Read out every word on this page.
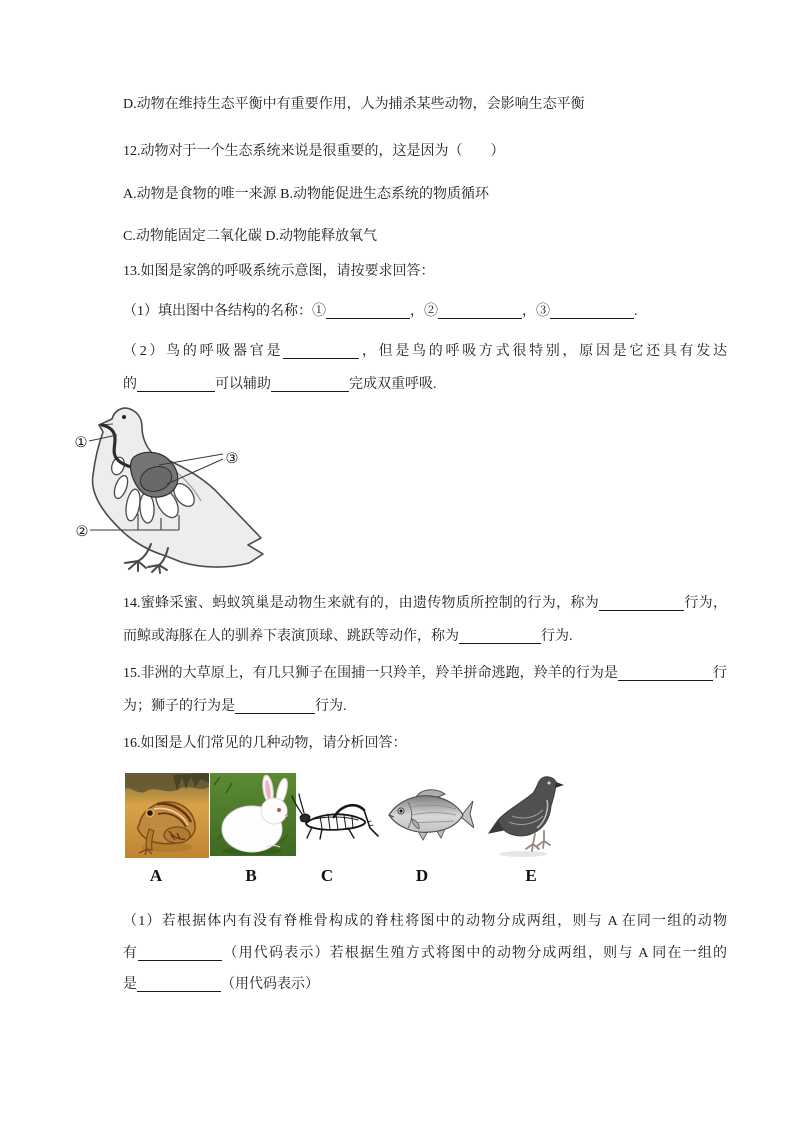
D.动物在维持生态平衡中有重要作用，人为捕杀某些动物，会影响生态平衡
12.动物对于一个生态系统来说是很重要的，这是因为（　　）
A.动物是食物的唯一来源 B.动物能促进生态系统的物质循环
C.动物能固定二氧化碳 D.动物能释放氧气
13.如图是家鸽的呼吸系统示意图，请按要求回答：
（1）填出图中各结构的名称：①	，②	，③	.
（2）鸟的呼吸器官是	，但是鸟的呼吸方式很特别，原因是它还具有发达
的	可以辅助	完成双重呼吸.
14.蜜蜂采蜜、蚂蚁筑巢是动物生来就有的，由遗传物质所控制的行为，称为	行为，
而鲸或海豚在人的驯养下表演顶球、跳跃等动作，称为	行为.
15.非洲的大草原上，有几只狮子在围捕一只羚羊，羚羊拼命逃跑，羚羊的行为是	行
为；狮子的行为是	行为.
16.如图是人们常见的几种动物，请分析回答：
（1）若根据体内有没有脊椎骨构成的脊柱将图中的动物分成两组，则与 A 在同一组的动物
有	（用代码表示）若根据生殖方式将图中的动物分成两组，则与 A 同在一组的
是	（用代码表示）
①
②
③
A	B	C	D	E
